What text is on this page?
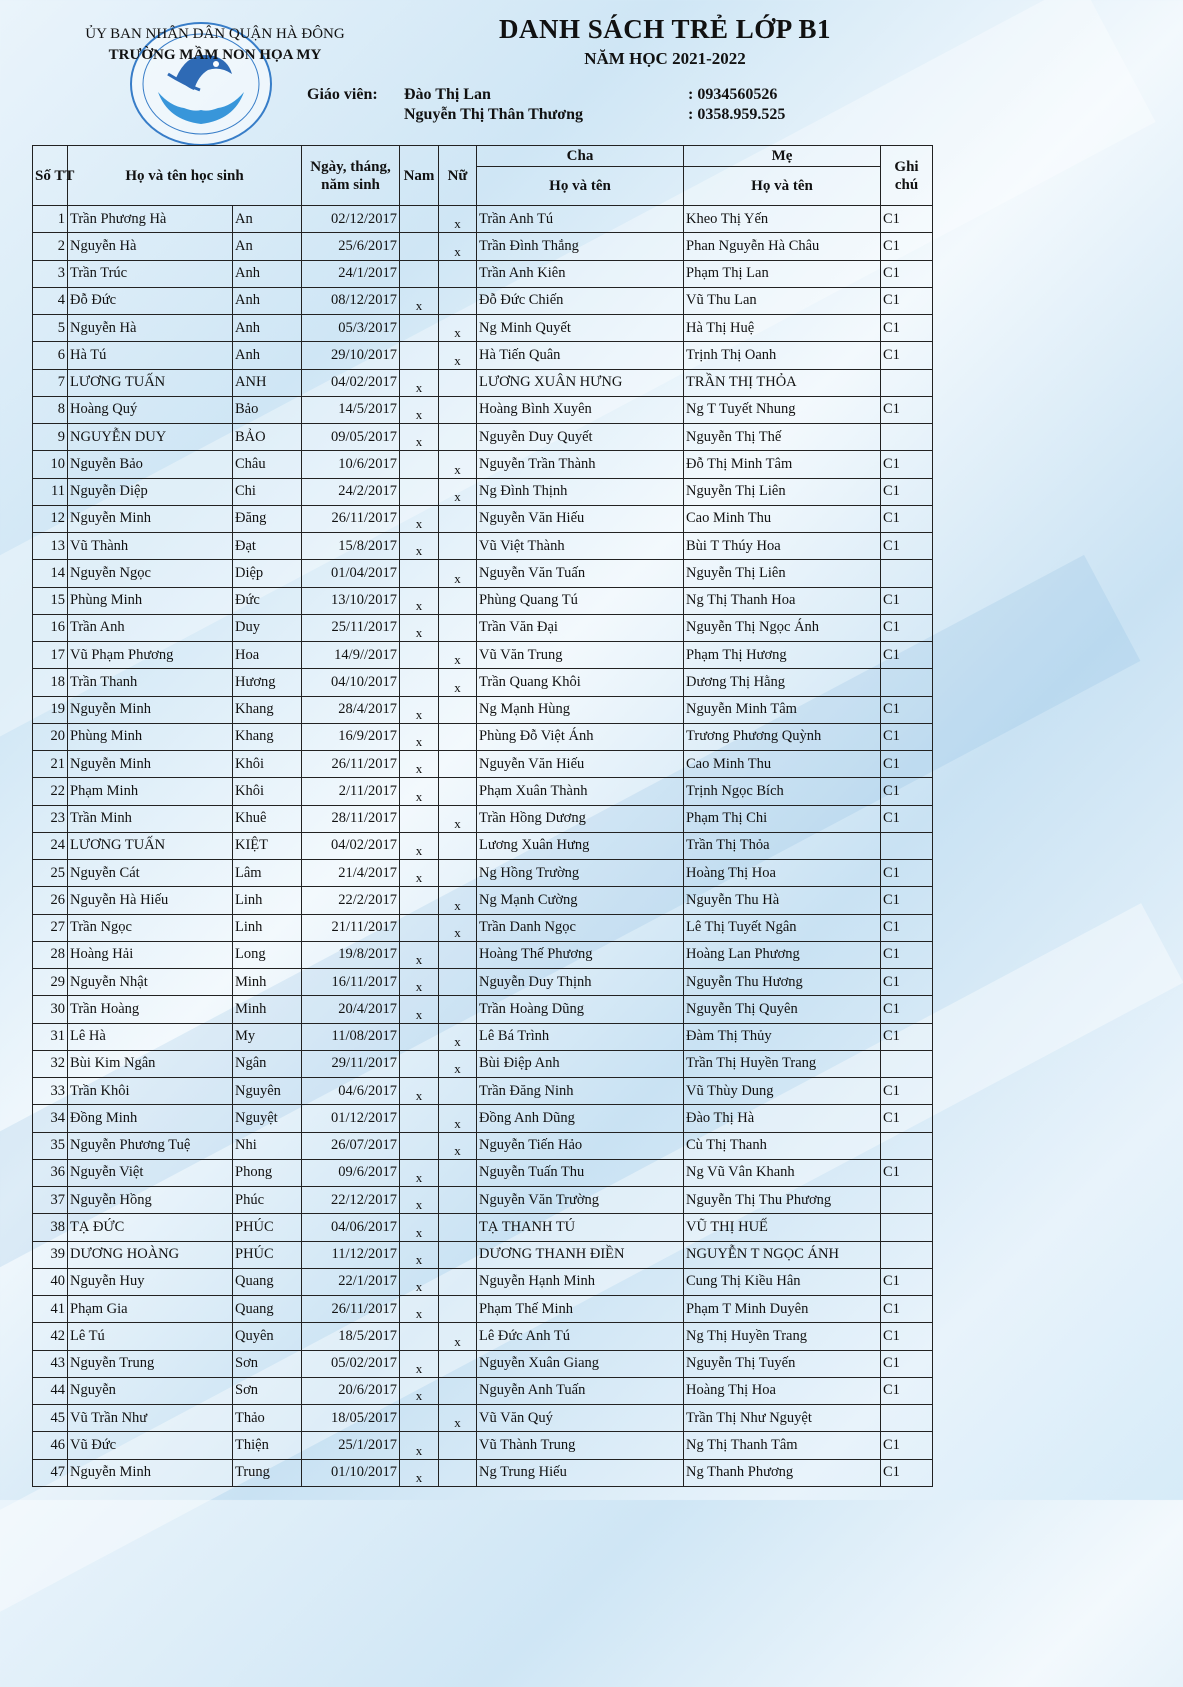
ỦY BAN NHÂN DÂN QUẬN HÀ ĐÔNG
TRƯỜNG MẦM NON HỌA MY
DANH SÁCH TRẺ LỚP B1
NĂM HỌC 2021-2022
Giáo viên: Đào Thị Lan
Nguyễn Thị Thân Thương
: 0934560526
: 0358.959.525
Số TT	Họ và tên học sinh		Ngày, tháng, năm sinh	Nam	Nữ	Cha	Mẹ	Ghi chú
						Họ và tên	Họ và tên	
1	Trần Phương Hà	An	02/12/2017		x	Trần Anh Tú	Kheo Thị Yến	C1
2	Nguyễn Hà	An	25/6/2017		x	Trần Đình Thắng	Phan Nguyễn Hà Châu	C1
3	Trần Trúc	Anh	24/1/2017			Trần Anh Kiên	Phạm Thị Lan	C1
4	Đỗ Đức	Anh	08/12/2017	x		Đỗ Đức Chiến	Vũ Thu Lan	C1
5	Nguyễn Hà	Anh	05/3/2017		x	Ng Minh Quyết	Hà Thị Huệ	C1
6	Hà Tú	Anh	29/10/2017		x	Hà Tiến Quân	Trịnh Thị Oanh	C1
7	LƯƠNG TUẤN	ANH	04/02/2017	x		LƯƠNG XUÂN HƯNG	TRẦN THỊ THỎA	
8	Hoàng Quý	Bảo	14/5/2017	x		Hoàng Bình Xuyên	Ng T Tuyết Nhung	C1
9	NGUYỄN DUY	BẢO	09/05/2017	x		Nguyễn Duy Quyết	Nguyễn Thị Thế	
10	Nguyễn Bảo	Châu	10/6/2017		x	Nguyễn Trần Thành	Đỗ Thị Minh Tâm	C1
11	Nguyễn Diệp	Chi	24/2/2017		x	Ng Đình Thịnh	Nguyễn Thị Liên	C1
12	Nguyễn Minh	Đăng	26/11/2017	x		Nguyễn Văn Hiếu	Cao Minh Thu	C1
13	Vũ Thành	Đạt	15/8/2017	x		Vũ Việt Thành	Bùi T Thúy Hoa	C1
14	Nguyễn Ngọc	Diệp	01/04/2017		x	Nguyễn Văn Tuấn	Nguyễn Thị Liên	
15	Phùng Minh	Đức	13/10/2017	x		Phùng Quang Tú	Ng Thị Thanh Hoa	C1
16	Trần Anh	Duy	25/11/2017	x		Trần Văn Đại	Nguyễn Thị Ngọc Ánh	C1
17	Vũ Phạm Phương	Hoa	14/9//2017		x	Vũ Văn Trung	Phạm Thị Hương	C1
18	Trần Thanh	Hương	04/10/2017		x	Trần Quang Khôi	Dương Thị Hằng	
19	Nguyễn Minh	Khang	28/4/2017	x		Ng Mạnh Hùng	Nguyễn Minh Tâm	C1
20	Phùng Minh	Khang	16/9/2017	x		Phùng Đỗ Việt Ánh	Trương Phương Quỳnh	C1
21	Nguyễn Minh	Khôi	26/11/2017	x		Nguyễn Văn Hiếu	Cao Minh Thu	C1
22	Phạm Minh	Khôi	2/11/2017	x		Phạm Xuân Thành	Trịnh Ngọc Bích	C1
23	Trần Minh	Khuê	28/11/2017		x	Trần Hồng Dương	Phạm Thị Chi	C1
24	LƯƠNG TUẤN	KIỆT	04/02/2017	x		Lương Xuân Hưng	Trần Thị Thỏa	
25	Nguyễn Cát	Lâm	21/4/2017	x		Ng Hồng Trường	Hoàng Thị Hoa	C1
26	Nguyễn Hà Hiếu	Linh	22/2/2017		x	Ng Mạnh Cường	Nguyễn Thu Hà	C1
27	Trần Ngọc	Linh	21/11/2017		x	Trần Danh Ngọc	Lê Thị Tuyết Ngân	C1
28	Hoàng Hải	Long	19/8/2017	x		Hoàng Thế Phương	Hoàng Lan Phương	C1
29	Nguyễn Nhật	Minh	16/11/2017	x		Nguyễn Duy Thịnh	Nguyễn Thu Hương	C1
30	Trần Hoàng	Minh	20/4/2017	x		Trần Hoàng Dũng	Nguyễn Thị Quyên	C1
31	Lê Hà	My	11/08/2017		x	Lê Bá Trình	Đàm Thị Thủy	C1
32	Bùi Kim Ngân	Ngân	29/11/2017		x	Bùi Điệp Anh	Trần Thị Huyền Trang	
33	Trần Khôi	Nguyên	04/6/2017	x		Trần Đăng Ninh	Vũ Thùy Dung	C1
34	Đồng Minh	Nguyệt	01/12/2017		x	Đồng Anh Dũng	Đào Thị Hà	C1
35	Nguyễn Phương Tuệ	Nhi	26/07/2017		x	Nguyễn Tiến Hảo	Cù Thị Thanh	
36	Nguyễn Việt	Phong	09/6/2017	x		Nguyễn Tuấn Thu	Ng Vũ Vân Khanh	C1
37	Nguyễn Hồng	Phúc	22/12/2017	x		Nguyễn Văn Trường	Nguyễn Thị Thu Phương	
38	TẠ ĐỨC	PHÚC	04/06/2017	x		TẠ THANH TÚ	VŨ THỊ HUẾ	
39	DƯƠNG HOÀNG	PHÚC	11/12/2017	x		DƯƠNG THANH ĐIỀN	NGUYỄN T NGỌC ÁNH	
40	Nguyễn Huy	Quang	22/1/2017	x		Nguyễn Hạnh Minh	Cung Thị Kiều Hân	C1
41	Phạm Gia	Quang	26/11/2017	x		Phạm Thế Minh	Phạm T Minh Duyên	C1
42	Lê Tú	Quyên	18/5/2017		x	Lê Đức Anh Tú	Ng Thị Huyền Trang	C1
43	Nguyễn Trung	Sơn	05/02/2017	x		Nguyễn Xuân Giang	Nguyễn Thị Tuyến	C1
44	Nguyễn	Sơn	20/6/2017	x		Nguyễn Anh Tuấn	Hoàng Thị Hoa	C1
45	Vũ Trần Như	Thảo	18/05/2017		x	Vũ Văn Quý	Trần Thị Như Nguyệt	
46	Vũ Đức	Thiện	25/1/2017	x		Vũ Thành Trung	Ng Thị Thanh Tâm	C1
47	Nguyễn Minh	Trung	01/10/2017	x		Ng Trung Hiếu	Ng Thanh Phương	C1
